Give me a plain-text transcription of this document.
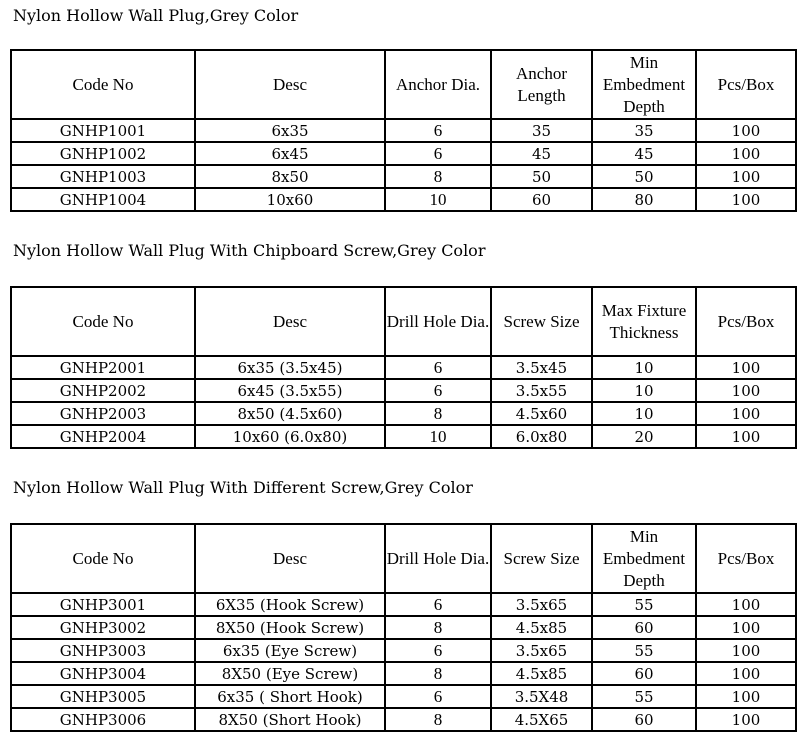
Nylon Hollow Wall Plug,Grey Color
Code No	Desc	Anchor Dia.	Anchor Length	Min Embedment Depth	Pcs/Box
GNHP1001	6x35	6	35	35	100
GNHP1002	6x45	6	45	45	100
GNHP1003	8x50	8	50	50	100
GNHP1004	10x60	10	60	80	100
Nylon Hollow Wall Plug With Chipboard Screw,Grey Color
Code No	Desc	Drill Hole Dia.	Screw Size	Max Fixture Thickness	Pcs/Box
GNHP2001	6x35 (3.5x45)	6	3.5x45	10	100
GNHP2002	6x45 (3.5x55)	6	3.5x55	10	100
GNHP2003	8x50 (4.5x60)	8	4.5x60	10	100
GNHP2004	10x60 (6.0x80)	10	6.0x80	20	100
Nylon Hollow Wall Plug With Different Screw,Grey Color
Code No	Desc	Drill Hole Dia.	Screw Size	Min Embedment Depth	Pcs/Box
GNHP3001	6X35 (Hook Screw)	6	3.5x65	55	100
GNHP3002	8X50 (Hook Screw)	8	4.5x85	60	100
GNHP3003	6x35 (Eye Screw)	6	3.5x65	55	100
GNHP3004	8X50 (Eye Screw)	8	4.5x85	60	100
GNHP3005	6x35 ( Short Hook)	6	3.5X48	55	100
GNHP3006	8X50 (Short Hook)	8	4.5X65	60	100
